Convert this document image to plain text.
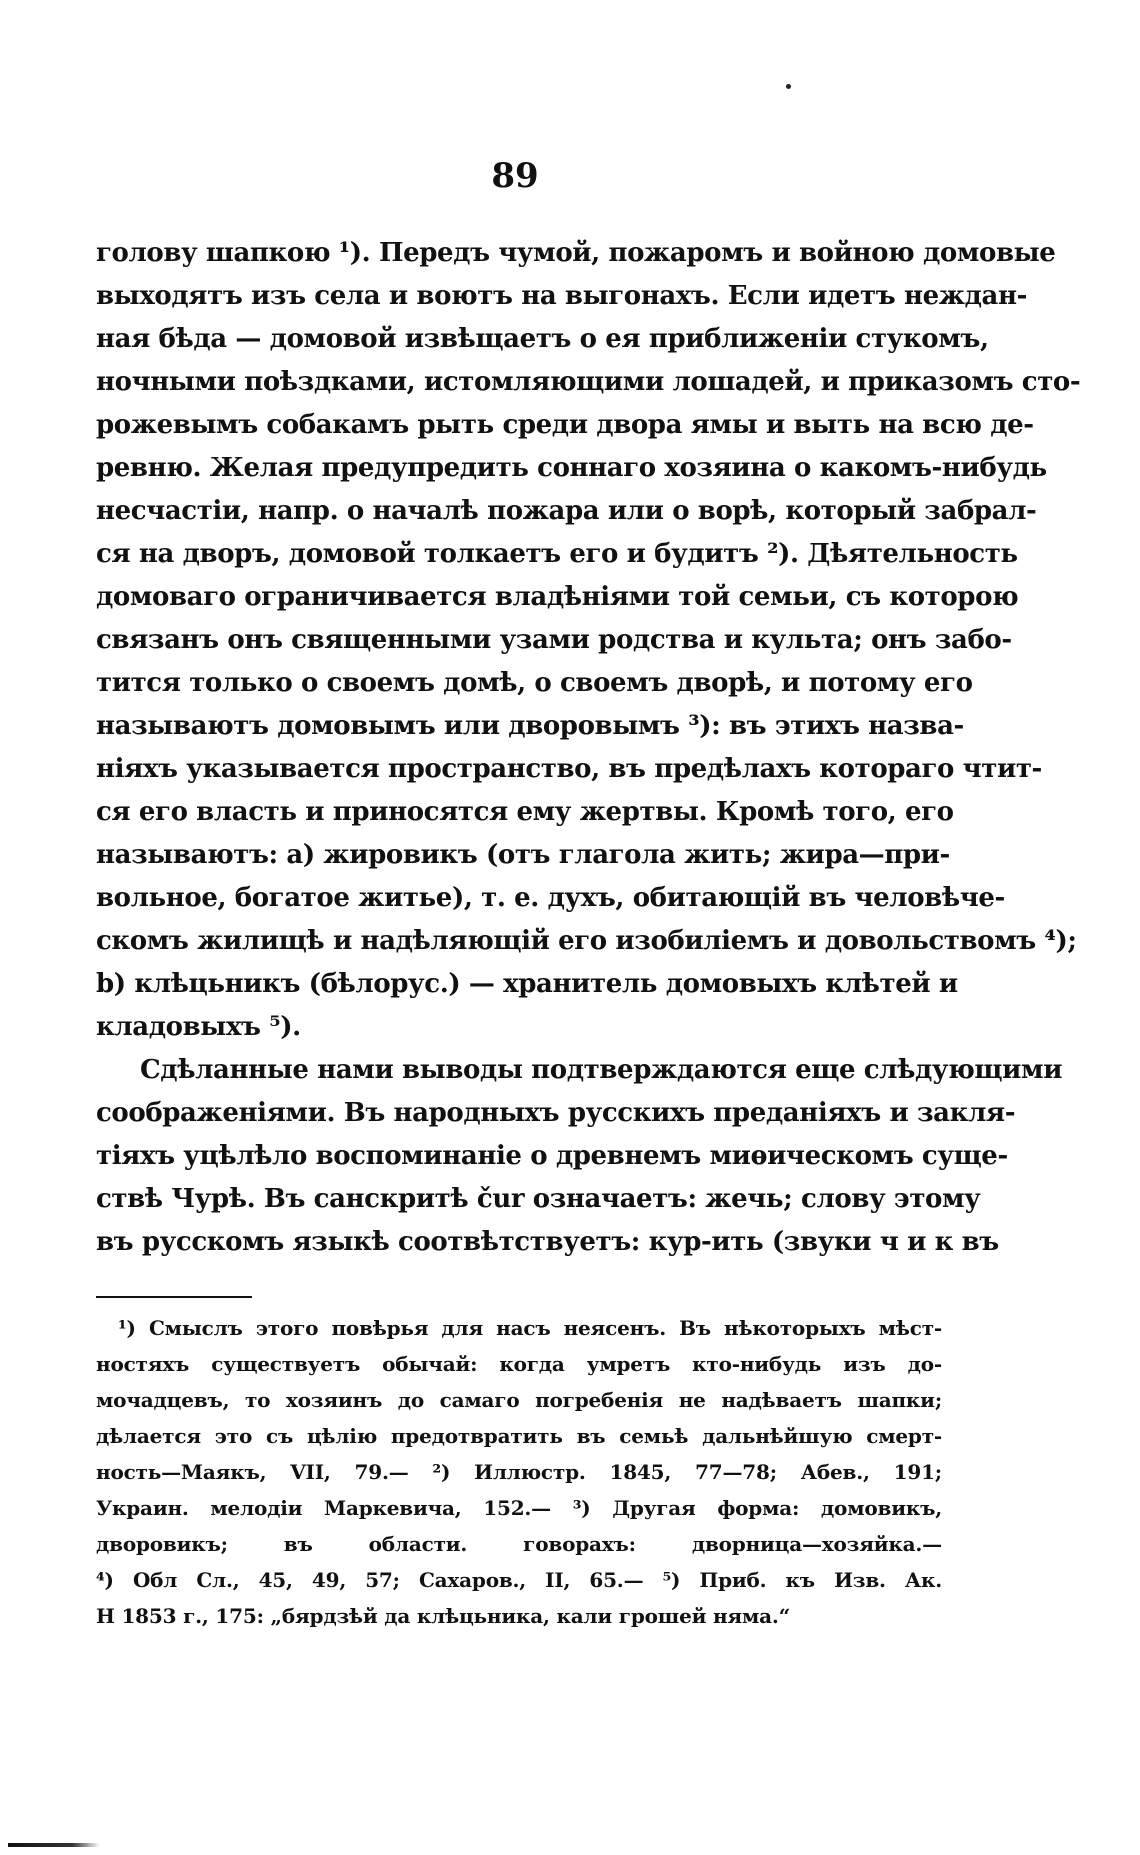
89
голову шапкою ¹). Передъ чумой, пожаромъ и войною домовые
выходятъ изъ села и воютъ на выгонахъ. Если идетъ неждан-
ная бѣда — домовой извѣщаетъ о ея приближеніи стукомъ,
ночными поѣздками, истомляющими лошадей, и приказомъ сто-
рожевымъ собакамъ рыть среди двора ямы и выть на всю де-
ревню. Желая предупредить соннаго хозяина о какомъ-нибудь
несчастіи, напр. о началѣ пожара или о ворѣ, который забрал-
ся на дворъ, домовой толкаетъ его и будитъ ²). Дѣятельность
домоваго ограничивается владѣніями той семьи, съ которою
связанъ онъ священными узами родства и культа; онъ забо-
тится только о своемъ домѣ, о своемъ дворѣ, и потому его
называютъ домовымъ или дворовымъ ³): въ этихъ назва-
ніяхъ указывается пространство, въ предѣлахъ котораго чтит-
ся его власть и приносятся ему жертвы. Кромѣ того, его
называютъ: а) жировикъ (отъ глагола жить; жира—при-
вольное, богатое житье), т. е. духъ, обитающій въ человѣче-
скомъ жилищѣ и надѣляющій его изобиліемъ и довольствомъ ⁴);
b) клѣцьникъ (бѣлорус.) — хранитель домовыхъ клѣтей и
кладовыхъ ⁵).
Сдѣланные нами выводы подтверждаются еще слѣдующими
соображеніями. Въ народныхъ русскихъ преданіяхъ и закля-
тіяхъ уцѣлѣло воспоминаніе о древнемъ миѳическомъ суще-
ствѣ Чурѣ. Въ санскритѣ čur означаетъ: жечь; слову этому
въ русскомъ языкѣ соотвѣтствуетъ: кур-ить (звуки ч и к въ
¹) Смыслъ этого повѣрья для насъ неясенъ. Въ нѣкоторыхъ мѣст-
ностяхъ существуетъ обычай: когда умретъ кто-нибудь изъ до-
мочадцевъ, то хозяинъ до самаго погребенія не надѣваетъ шапки;
дѣлается это съ цѣлію предотвратить въ семьѣ дальнѣйшую смерт-
ность—Маякъ, VII, 79.— ²) Иллюстр. 1845, 77—78; Абев., 191;
Украин. мелодіи Маркевича, 152.— ³) Другая форма: домовикъ,
дворовикъ; въ области. говорахъ: дворница—хозяйка.—
⁴) Обл Сл., 45, 49, 57; Сахаров., II, 65.— ⁵) Приб. къ Изв. Ак.
Н 1853 г., 175: „бярдзѣй да клѣцьника, кали грошей няма.“
